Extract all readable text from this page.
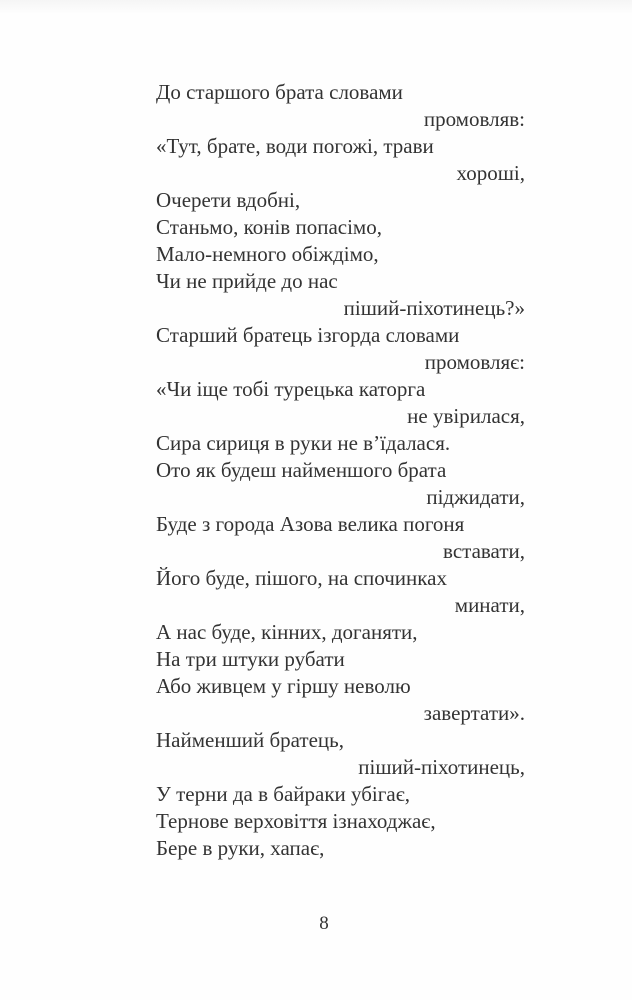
До старшого брата словами
промовляв:
«Тут, брате, води погожі, трави
хороші,
Очерети вдобні,
Станьмо, конів попасімо,
Мало-немного обіждімо,
Чи не прийде до нас
піший-піхотинець?»
Старший братець ізгорда словами
промовляє:
«Чи іще тобі турецька каторга
не увірилася,
Сира сириця в руки не в’їдалася.
Ото як будеш найменшого брата
піджидати,
Буде з города Азова велика погоня
вставати,
Його буде, пішого, на спочинках
минати,
А нас буде, кінних, доганяти,
На три штуки рубати
Або живцем у гіршу неволю
завертати».
Найменший братець,
піший-піхотинець,
У терни да в байраки убігає,
Тернове верховіття ізнаходжає,
Бере в руки, хапає,
8
